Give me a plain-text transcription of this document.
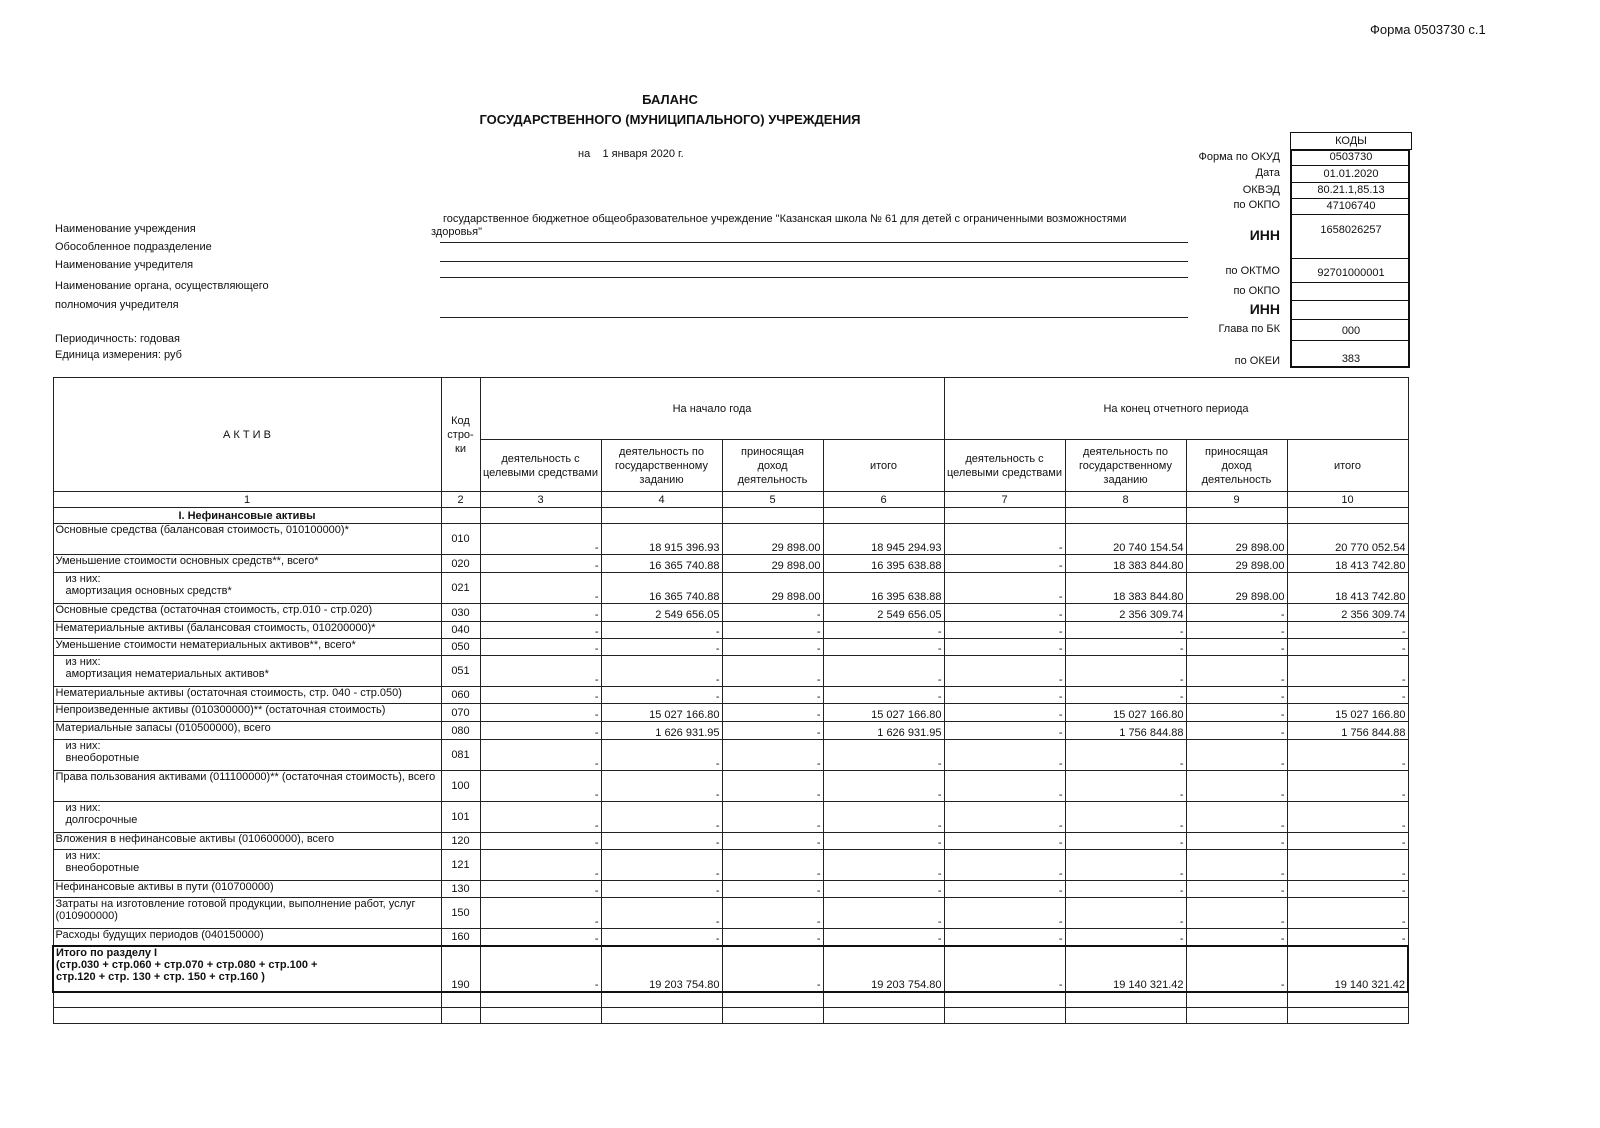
Форма 0503730 с.1
БАЛАНС
ГОСУДАРСТВЕННОГО (МУНИЦИПАЛЬНОГО) УЧРЕЖДЕНИЯ
на 1 января 2020 г.
Наименование учреждения
Обособленное подразделение
Наименование учредителя
Наименование органа, осуществляющего
полномочия учредителя
Периодичность: годовая
Единица измерения: руб
государственное бюджетное общеобразовательное учреждение "Казанская школа № 61 для детей с ограниченными возможностями
здоровья"
КОДЫ
Форма по ОКУД	0503730
Дата	01.01.2020
ОКВЭД	80.21.1,85.13
по ОКПО	47106740
ИНН	1658026257
по ОКТМО	92701000001
по ОКПО
ИНН
Глава по БК	000
по ОКЕИ	383
А К Т И В	Код стро- ки	На начало года				На конец отчетного периода			
		деятельность с целевыми средствами	деятельность по государственному заданию	приносящая доход деятельность	итого	деятельность с целевыми средствами	деятельность по государственному заданию	приносящая доход деятельность	итого
1	2	3	4	5	6	7	8	9	10
I. Нефинансовые активы									
Основные средства (балансовая стоимость, 010100000)*	010	-	18 915 396.93	29 898.00	18 945 294.93	-	20 740 154.54	29 898.00	20 770 052.54
Уменьшение стоимости основных средств**, всего*	020	-	16 365 740.88	29 898.00	16 395 638.88	-	18 383 844.80	29 898.00	18 413 742.80

из них:
амортизация основных средств*	021	-	16 365 740.88	29 898.00	16 395 638.88	-	18 383 844.80	29 898.00	18 413 742.80
Основные средства (остаточная стоимость, стр.010 - стр.020)	030	-	2 549 656.05	-	2 549 656.05	-	2 356 309.74	-	2 356 309.74
Нематериальные активы (балансовая стоимость, 010200000)*	040	-	-	-	-	-	-	-	-
Уменьшение стоимости нематериальных активов**, всего*	050	-	-	-	-	-	-	-	-

из них:
амортизация нематериальных активов*	051	-	-	-	-	-	-	-	-
Нематериальные активы (остаточная стоимость, стр. 040 - стр.050)	060	-	-	-	-	-	-	-	-
Непроизведенные активы (010300000)** (остаточная стоимость)	070	-	15 027 166.80	-	15 027 166.80	-	15 027 166.80	-	15 027 166.80
Материальные запасы (010500000), всего	080	-	1 626 931.95	-	1 626 931.95	-	1 756 844.88	-	1 756 844.88

из них:
внеоборотные	081	-	-	-	-	-	-	-	-
Права пользования активами (011100000)** (остаточная стоимость), всего	100	-	-	-	-	-	-	-	-

из них:
долгосрочные	101	-	-	-	-	-	-	-	-
Вложения в нефинансовые активы (010600000), всего	120	-	-	-	-	-	-	-	-

из них:
внеоборотные	121	-	-	-	-	-	-	-	-
Нефинансовые активы в пути (010700000)	130	-	-	-	-	-	-	-	-
Затраты на изготовление готовой продукции, выполнение работ, услуг (010900000)	150	-	-	-	-	-	-	-	-
Расходы будущих периодов (040150000)	160	-	-	-	-	-	-	-	-
Итого по разделу I
(стр.030 + стр.060 + стр.070 + стр.080 + стр.100 +
стр.120 + стр. 130 + стр. 150 + стр.160 )	190	-	19 203 754.80	-	19 203 754.80	-	19 140 321.42	-	19 140 321.42
